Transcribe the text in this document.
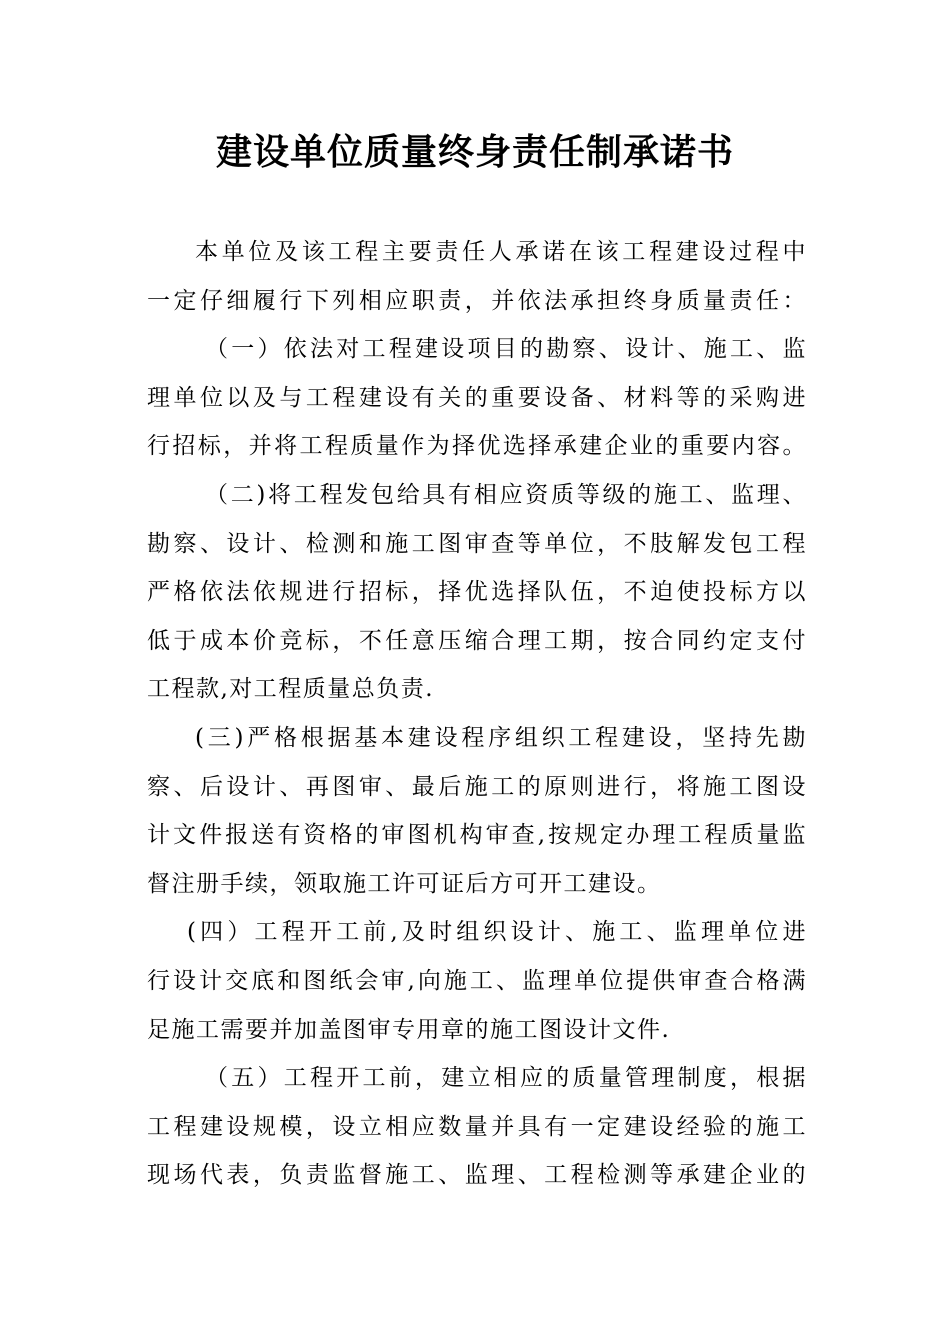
建设单位质量终身责任制承诺书
本单位及该工程主要责任人承诺在该工程建设过程中
一定仔细履行下列相应职责，并依法承担终身质量责任：
（一）依法对工程建设项目的勘察、设计、施工、监
理单位以及与工程建设有关的重要设备、材料等的采购进
行招标，并将工程质量作为择优选择承建企业的重要内容。
（二)将工程发包给具有相应资质等级的施工、监理、
勘察、设计、检测和施工图审查等单位，不肢解发包工程
严格依法依规进行招标，择优选择队伍，不迫使投标方以
低于成本价竞标，不任意压缩合理工期，按合同约定支付
工程款,对工程质量总负责.
(三)严格根据基本建设程序组织工程建设，坚持先勘
察、后设计、再图审、最后施工的原则进行，将施工图设
计文件报送有资格的审图机构审查,按规定办理工程质量监
督注册手续，领取施工许可证后方可开工建设。
(四）工程开工前,及时组织设计、施工、监理单位进
行设计交底和图纸会审,向施工、监理单位提供审查合格满
足施工需要并加盖图审专用章的施工图设计文件.
（五）工程开工前，建立相应的质量管理制度，根据
工程建设规模，设立相应数量并具有一定建设经验的施工
现场代表，负责监督施工、监理、工程检测等承建企业的
